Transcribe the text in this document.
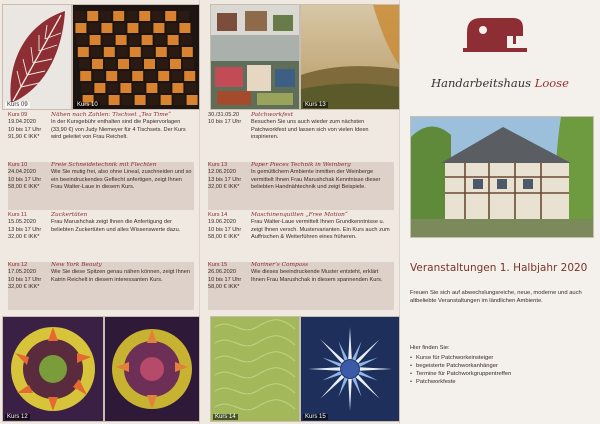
Kurs 09	Kurs 10
Kurs 09
19.04.2020
10 bis 17 Uhr
91,90 € IKK*
Nähen nach Zahlen: Tischset „Tea Time“
In der Kursgebühr enthalten sind die Papiervorlagen (33,90 €) von Judy Niemeyer für 4 Tischsets. Der Kurs wird geleitet von Frau Reichelt.
Kurs 10
24.04.2020
10 bis 17 Uhr
58,00 € IKK*
Freie Schneidetechnik mit Flechten
Wie Sie mutig frei, also ohne Lineal, zuschneiden und so ein beeindruckendes Geflecht anfertigen, zeigt Ihnen Frau Walter-Laue in diesem Kurs.
Kurs 11
15.05.2020
13 bis 17 Uhr
32,00 € IKK*
Zuckertüten
Frau Marushchak zeigt Ihnen die Anfertigung der beliebten Zuckertüten und alles Wissenswerte dazu.
Kurs 12
17.05.2020
10 bis 17 Uhr
32,00 € IKK*
New York Beauty
Wie Sie diese Spitzen genau nähen können, zeigt Ihnen Katrin Reichelt in diesem interessanten Kurs.
Kurs 12
Kurs 13
30./31.05.20
10 bis 17 Uhr
Patchworkfest
Besuchen Sie uns auch wieder zum nächsten Patchworkfest und lassen sich von vielen Ideen inspirieren.
Kurs 13
12.06.2020
13 bis 17 Uhr
32,00 € IKK*
Paper Pieces Technik in Weinberg
In gemütlichem Ambiente inmitten der Weinberge vermittelt Ihnen Frau Marushchak Kenntnisse dieser beliebten Handnähtechnik und zeigt Beispiele.
Kurs 14
19.06.2020
10 bis 17 Uhr
58,00 € IKK*
Maschinenquilten „Free Motion“
Frau Walter-Laue vermittelt Ihnen Grundkenntnisse u. zeigt Ihnen versch. Mustervarianten. Ein Kurs auch zum Auffrischen & Weiterführen eines früheren.
Kurs 15
26.06.2020
10 bis 17 Uhr
58,00 € IKK*
Mariner’s Compass
Wie dieses beeindruckende Muster entsteht, erklärt Ihnen Frau Marushchak in diesem spannenden Kurs.
Kurs 14	Kurs 15
Handarbeitshaus Loose
Veranstaltungen 1. Halbjahr 2020
Freuen Sie sich auf abwechslungsreiche, neue, moderne und auch altbeliebte Veranstaltungen im ländlichen Ambiente.
Hier finden Sie:
• Kurse für Patchworkeinsteiger
• begeisterte Patchworkanhänger
• Termine für Patchworkgruppentreffen
• Patchworkfeste
